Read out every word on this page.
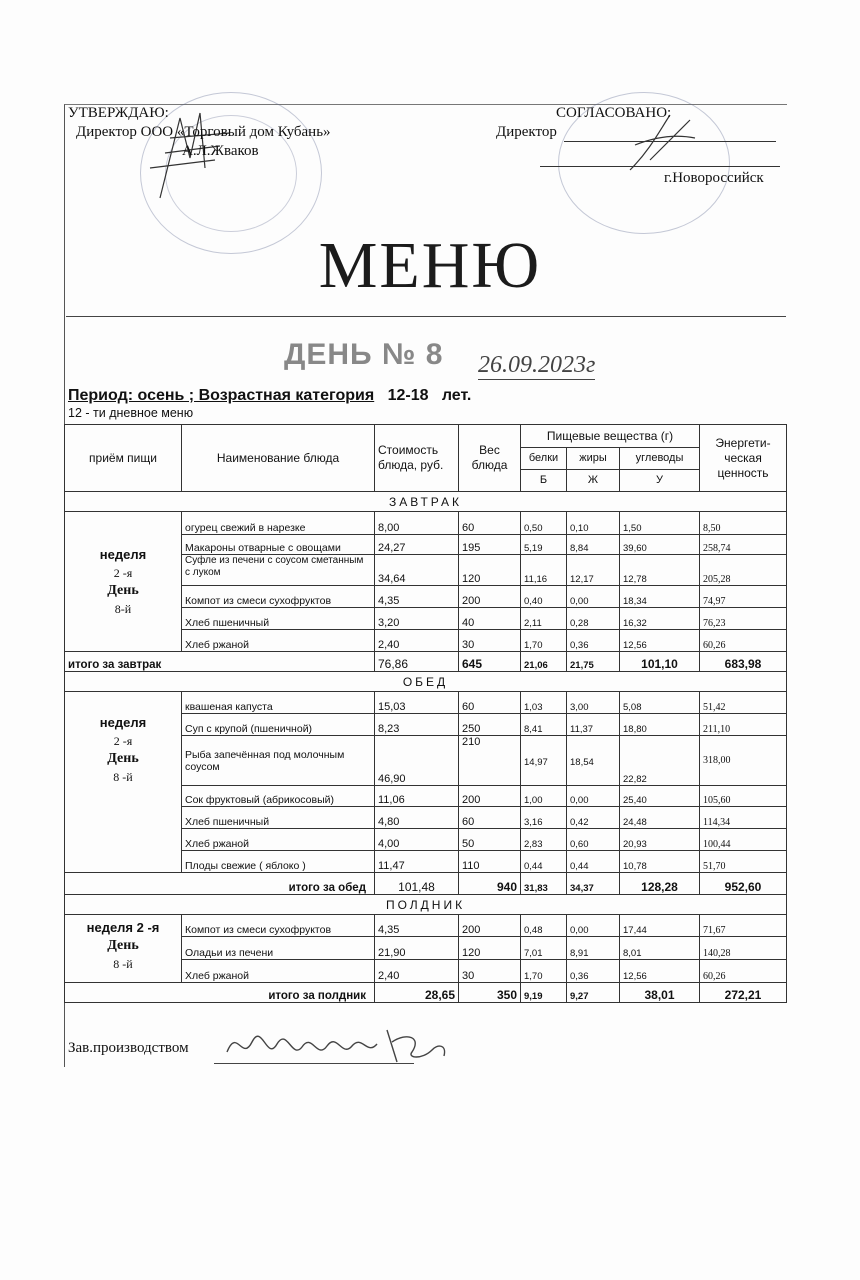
УТВЕРЖДАЮ:
Директор ООО «Торговый дом Кубань»
А.Л.Жваков
СОГЛАСОВАНО:
Директор
г.Новороссийск
МЕНЮ
ДЕНЬ № 8 26.09.2023г
Период: осень ; Возрастная категория 12-18 лет.
12 - ти дневное меню
приём пищи	Наименование блюда	Стоимость блюда, руб.	Вес блюда	Пищевые вещества (г)			Энергети-ческая ценность
				белки	жиры	углеводы	
				Б	Ж	У	
ЗАВТРАК							

неделя
2 -я
День
8-й	огурец свежий в нарезке	8,00	60	0,50	0,10	1,50	8,50
	Макароны отварные с овощами	24,27	195	5,19	8,84	39,60	258,74
	Суфле из печени с соусом сметанным с луком	34,64	120	11,16	12,17	12,78	205,28
	Компот из смеси сухофруктов	4,35	200	0,40	0,00	18,34	74,97
	Хлеб пшеничный	3,20	40	2,11	0,28	16,32	76,23
	Хлеб ржаной	2,40	30	1,70	0,36	12,56	60,26
итого за завтрак		76,86	645	21,06	21,75	101,10	683,98
ОБЕД							

неделя
2 -я
День
8 -й	квашеная капуста	15,03	60	1,03	3,00	5,08	51,42
	Суп с крупой (пшеничной)	8,23	250	8,41	11,37	18,80	211,10
	Рыба запечённая под молочным соусом	46,90	210	14,97	18,54	22,82	318,00
	Сок фруктовый (абрикосовый)	11,06	200	1,00	0,00	25,40	105,60
	Хлеб пшеничный	4,80	60	3,16	0,42	24,48	114,34
	Хлеб ржаной	4,00	50	2,83	0,60	20,93	100,44
	Плоды свежие ( яблоко )	11,47	110	0,44	0,44	10,78	51,70
итого за обед		101,48	940	31,83	34,37	128,28	952,60
ПОЛДНИК							

неделя 2 -я
День
8 -й	Компот из смеси сухофруктов	4,35	200	0,48	0,00	17,44	71,67
	Оладьи из печени	21,90	120	7,01	8,91	8,01	140,28
	Хлеб ржаной	2,40	30	1,70	0,36	12,56	60,26
итого за полдник		28,65	350	9,19	9,27	38,01	272,21
Зав.производством
